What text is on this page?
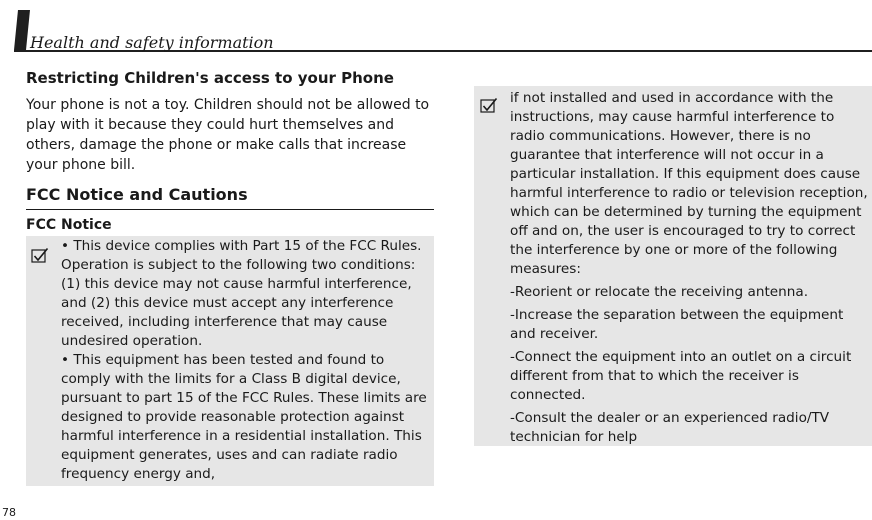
Health and safety information
Restricting Children's access to your Phone
Your phone is not a toy. Children should not be allowed to play with it because they could hurt themselves and others, damage the phone or make calls that increase your phone bill.
FCC Notice and Cautions
FCC Notice
• This device complies with Part 15 of the FCC Rules. Operation is subject to the following two conditions: (1) this device may not cause harmful interference, and (2) this device must accept any interference received, including interference that may cause undesired operation.
• This equipment has been tested and found to comply with the limits for a Class B digital device, pursuant to part 15 of the FCC Rules. These limits are designed to provide reasonable protection against harmful interference in a residential installation. This equipment generates, uses and can radiate radio frequency energy and,
if not installed and used in accordance with the instructions, may cause harmful interference to radio communications. However, there is no guarantee that interference will not occur in a particular installation. If this equipment does cause harmful interference to radio or television reception, which can be determined by turning the equipment off and on, the user is encouraged to try to correct the interference by one or more of the following measures:
-Reorient or relocate the receiving antenna.
-Increase the separation between the equipment and receiver.
-Connect the equipment into an outlet on a circuit different from that to which the receiver is connected.
-Consult the dealer or an experienced radio/TV technician for help
78
